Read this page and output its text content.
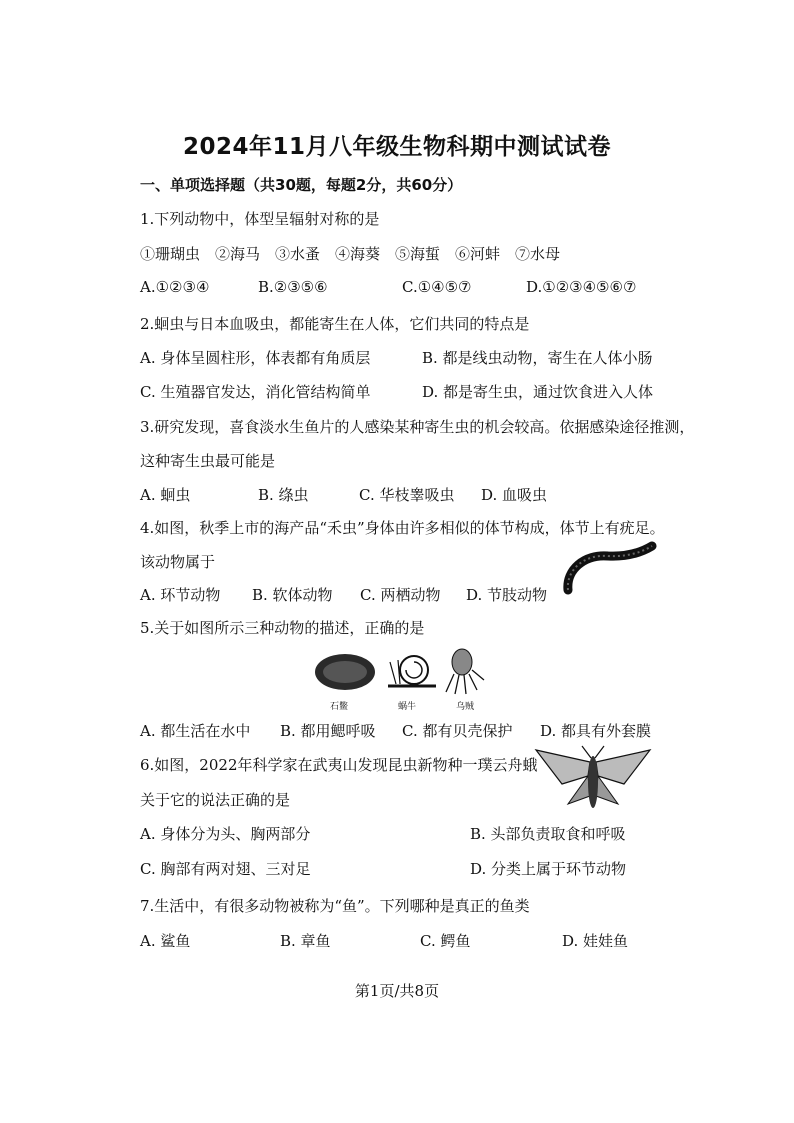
2024年11月八年级生物科期中测试试卷
一、单项选择题（共30题，每题2分，共60分）
1.下列动物中，体型呈辐射对称的是
①珊瑚虫　②海马　③水蚤　④海葵　⑤海蜇　⑥河蚌　⑦水母
A.①②③④	B.②③⑤⑥	C.①④⑤⑦	D.①②③④⑤⑥⑦
2.蛔虫与日本血吸虫，都能寄生在人体，它们共同的特点是
A. 身体呈圆柱形，体表都有角质层	B. 都是线虫动物，寄生在人体小肠
C. 生殖器官发达，消化管结构简单	D. 都是寄生虫，通过饮食进入人体
3.研究发现，喜食淡水生鱼片的人感染某种寄生虫的机会较高。依据感染途径推测，
这种寄生虫最可能是
A. 蛔虫	B. 绦虫	C. 华枝睾吸虫 D. 血吸虫
4.如图，秋季上市的海产品“禾虫”身体由许多相似的体节构成，体节上有疣足。
该动物属于
A. 环节动物 B. 软体动物 C. 两栖动物 D. 节肢动物
5.关于如图所示三种动物的描述，正确的是
石鳖	蜗牛	乌贼
A. 都生活在水中 B. 都用鳃呼吸 C. 都有贝壳保护 D. 都具有外套膜
6.如图，2022年科学家在武夷山发现昆虫新物种一璞云舟蛾
关于它的说法正确的是
A. 身体分为头、胸两部分	B. 头部负责取食和呼吸
C. 胸部有两对翅、三对足	D. 分类上属于环节动物
7.生活中，有很多动物被称为“鱼”。下列哪种是真正的鱼类
A. 鲨鱼	B. 章鱼	C. 鳄鱼	D. 娃娃鱼
第1页/共8页
